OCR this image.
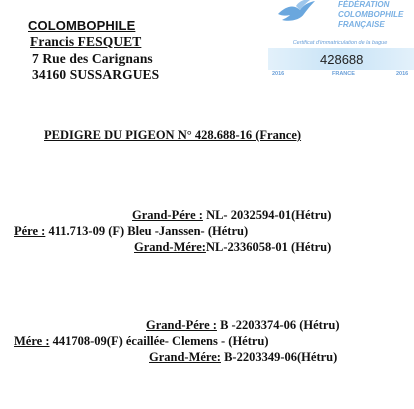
COLOMBOPHILE
Francis FESQUET
7 Rue des Carignans
34160 SUSSARGUES
FÉDÉRATION
COLOMBOPHILE
FRANÇAISE
Certificat d'immatriculation de la bague
428688
2016	FRANCE	2016
PEDIGRE DU PIGEON N° 428.688-16 (France)
Grand-Pére : NL- 2032594-01(Hétru)
Pére : 411.713-09 (F) Bleu -Janssen- (Hétru)
Grand-Mére:NL-2336058-01 (Hétru)
Grand-Pére : B -2203374-06 (Hétru)
Mére : 441708-09(F) écaillée- Clemens - (Hétru)
Grand-Mére: B-2203349-06(Hétru)
